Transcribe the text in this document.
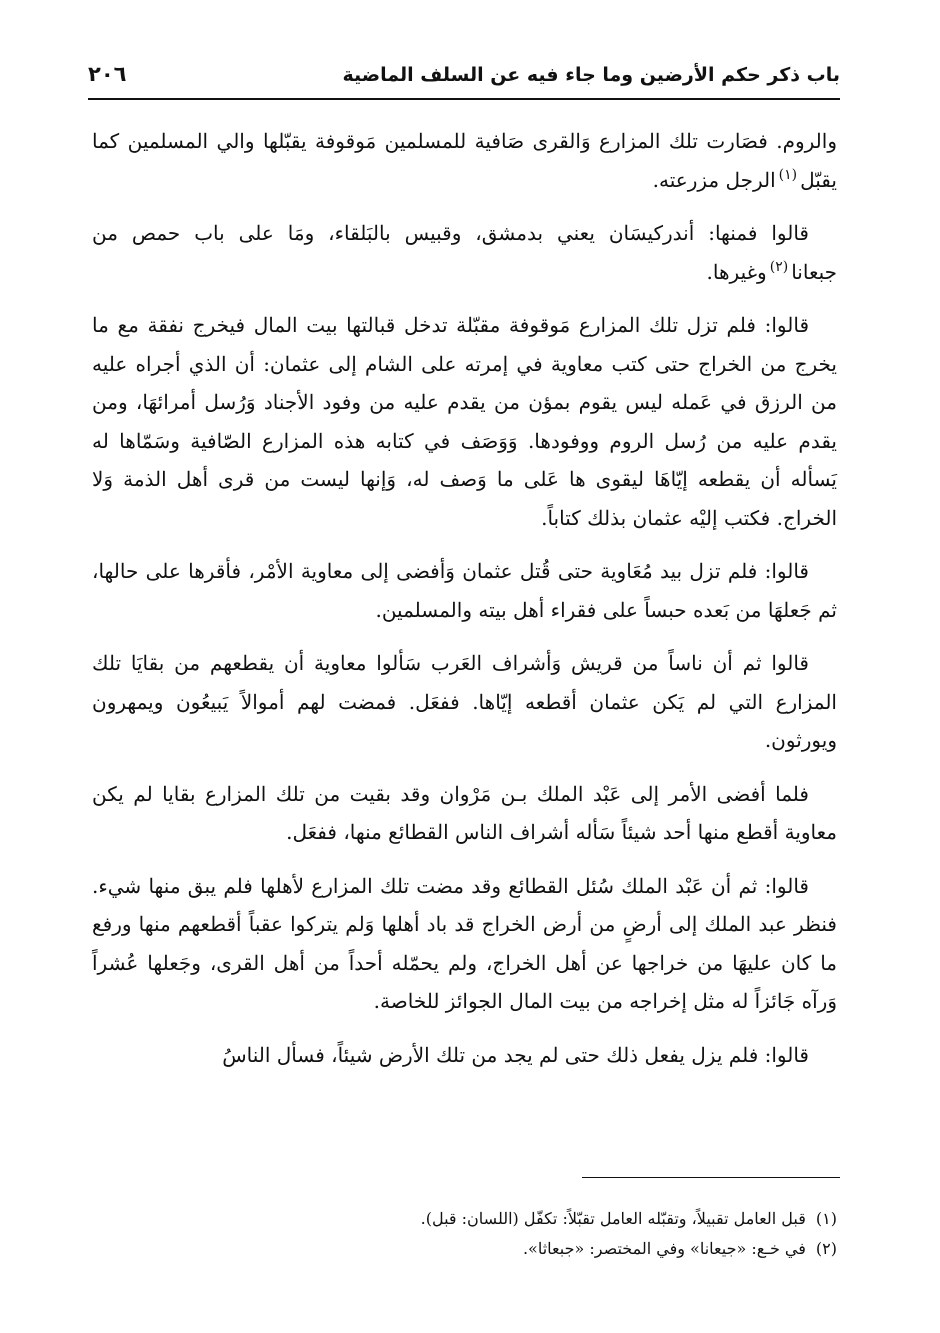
باب ذكر حكم الأرضين وما جاء فيه عن السلف الماضية
٢٠٦

والروم. فصَارت تلك المزارع وَالقرى صَافية للمسلمين مَوقوفة يقبّلها والي المسلمين كما يقبّل$^{(١)}$الرجل مزرعته.

قالوا فمنها: أندركيسَان يعني بدمشق، وقبيس بالبَلقاء، ومَا على باب حمص من جبعانا$^{(٢)}$وغيرها.

قالوا: فلم تزل تلك المزارع مَوقوفة مقبّلة تدخل قبالتها بيت المال فيخرج نفقة مع ما يخرج من الخراج حتى كتب معاوية في إمرته على الشام إلى عثمان: أن الذي أجراه عليه من الرزق في عَمله ليس يقوم بمؤن من يقدم عليه من وفود الأجناد وَرُسل أمرائهَا، ومن يقدم عليه من رُسل الروم ووفودها. وَوَصَف في كتابه هذه المزارع الصّافية وسَمّاها له يَسأله أن يقطعه إيّاهَا ليقوى ها عَلى ما وَصف له، وَإنها ليست من قرى أهل الذمة وَلا الخراج. فكتب إليْه عثمان بذلك كتاباً.

قالوا: فلم تزل بيد مُعَاوية حتى قُتل عثمان وَأفضى إلى معاوية الأمْر، فأقرها على حالها، ثم جَعلهَا من بَعده حبساً على فقراء أهل بيته والمسلمين.

قالوا ثم أن ناساً من قريش وَأشراف العَرب سَألوا معاوية أن يقطعهم من بقايَا تلك المزارع التي لم يَكن عثمان أقطعه إيّاها. ففعَل. فمضت لهم أموالاً يَبيعُون ويمهرون ويورثون.

فلما أفضى الأمر إلى عَبْد الملك بـن مَرْوان وقد بقيت من تلك المزارع بقايا لم يكن معاوية أقطع منها أحد شيئاً سَأله أشراف الناس القطائع منها، ففعَل.

قالوا: ثم أن عَبْد الملك سُئل القطائع وقد مضت تلك المزارع لأهلها فلم يبق منها شيء. فنظر عبد الملك إلى أرضٍ من أرض الخراج قد باد أهلها وَلم يتركوا عقباً أقطعهم منها ورفع ما كان عليهَا من خراجها عن أهل الخراج، ولم يحمّله أحداً من أهل القرى، وجَعلها عُشراً وَرآه جَائزاً له مثل إخراجه من بيت المال الجوائز للخاصة.

قالوا: فلم يزل يفعل ذلك حتى لم يجد من تلك الأرض شيئاً، فسأل الناسُ

(١)قبل العامل تقبيلاً، وتقبّله العامل تقبّلاً: تكفّل (اللسان: قبل).

(٢)في خـع: «جيعانا» وفي المختصر: «جبعاثا».
